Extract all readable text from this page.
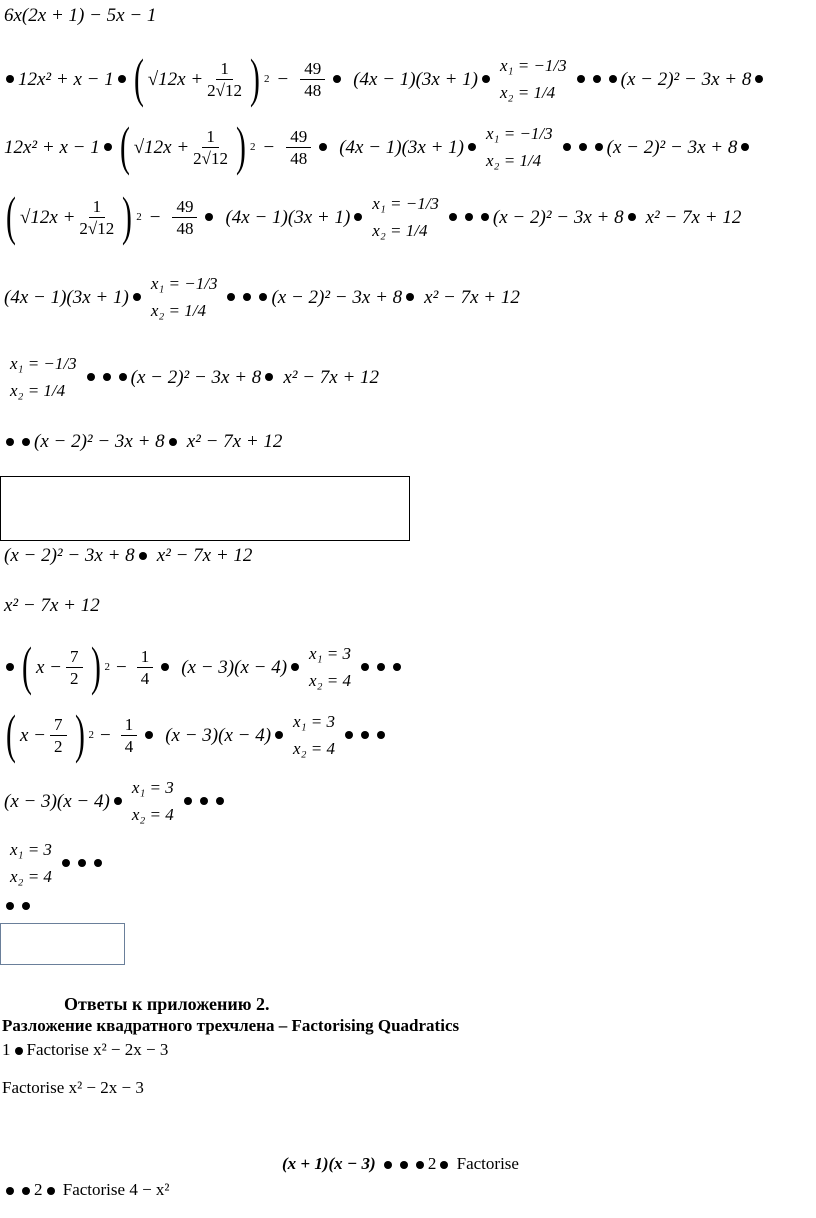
6x(2x + 1) − 5x − 1
12x² + x − 1 ( $√12x + \frac{1}{2√12}$ ) $2 - \frac{49}{48} (4x - 1)(3x + 1)$
x₁ = −1/3
x₂ = 1/4
(x − 2)² − 3x + 8
12x² + x − 1 ( $√12x + \frac{1}{2√12}$ ) $2 - \frac{49}{48} (4x - 1)(3x + 1)$
x₁ = −1/3
x₂ = 1/4
(x − 2)² − 3x + 8
( $√12x + \frac{1}{2√12}$ ) $2 - \frac{49}{48} (4x - 1)(3x + 1)$
x₁ = −1/3
x₂ = 1/4
(x − 2)² − 3x + 8 x² − 7x + 12
(4x − 1)(3x + 1)
x₁ = −1/3
x₂ = 1/4
(x − 2)² − 3x + 8 x² − 7x + 12
x₁ = −1/3
x₂ = 1/4
(x − 2)² − 3x + 8 x² − 7x + 12
(x − 2)² − 3x + 8 x² − 7x + 12
(x − 2)² − 3x + 8 x² − 7x + 12
x² − 7x + 12
( $x - \frac{7}{2}$ ) $2 - \frac{1}{4} (x - 3)(x - 4)$
x₁ = 3
x₂ = 4
( $x - \frac{7}{2}$ ) $2 - \frac{1}{4} (x - 3)(x - 4)$
x₁ = 3
x₂ = 4
(x − 3)(x − 4)
x₁ = 3
x₂ = 4
x₁ = 3
x₂ = 4
Ответы к приложению 2.
Разложение квадратного трехчлена – Factorising Quadratics
1 Factorise x² − 2x − 3
Factorise x² − 2x − 3
(x + 1)(x − 3)	2 Factorise
2 Factorise 4 − x²
